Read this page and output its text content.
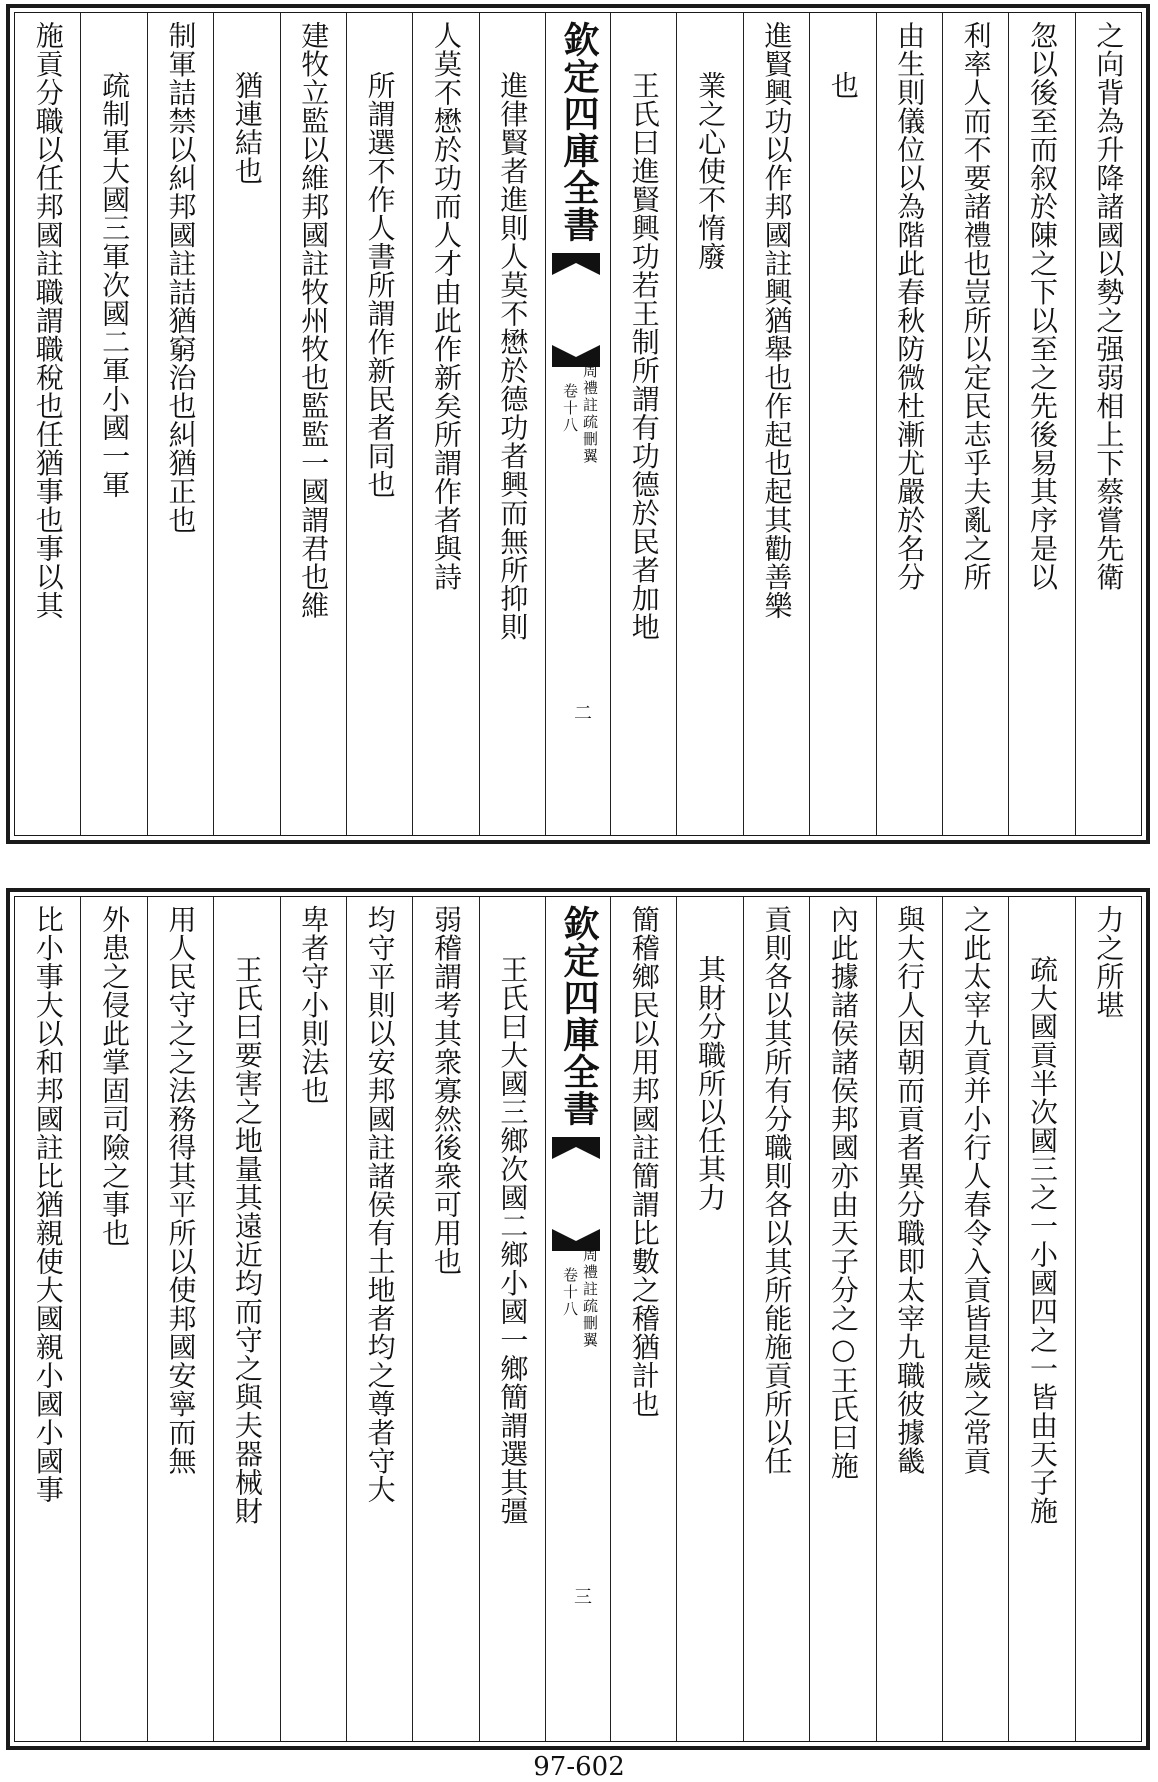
之向背為升降諸國以勢之强弱相上下蔡嘗先衛
忽以後至而叙於陳之下以至之先後易其序是以
利率人而不要諸禮也豈所以定民志乎夫亂之所
由生則儀位以為階此春秋防微杜漸尤嚴於名分
也
進賢興功以作邦國註興猶舉也作起也起其勸善樂
業之心使不惰廢
王氏曰進賢興功若王制所謂有功德於民者加地
欽定四庫全書
周禮註疏刪翼
卷十八
二
進律賢者進則人莫不懋於德功者興而無所抑則
人莫不懋於功而人才由此作新矣所謂作者與詩
所謂選不作人書所謂作新民者同也
建牧立監以維邦國註牧州牧也監監一國謂君也維
猶連結也
制軍詰禁以糾邦國註詰猶窮治也糾猶正也
疏制軍大國三軍次國二軍小國一軍
施貢分職以任邦國註職謂職稅也任猶事也事以其
力之所堪
疏大國貢半次國三之一小國四之一皆由天子施
之此太宰九貢并小行人春令入貢皆是歲之常貢
與大行人因朝而貢者異分職即太宰九職彼據畿
內此據諸侯諸侯邦國亦由天子分之○王氏曰施
貢則各以其所有分職則各以其所能施貢所以任
其財分職所以任其力
簡稽鄉民以用邦國註簡謂比數之稽猶計也
欽定四庫全書
周禮註疏刪翼
卷十八
三
王氏曰大國三鄉次國二鄉小國一鄉簡謂選其彊
弱稽謂考其衆寡然後衆可用也
均守平則以安邦國註諸侯有土地者均之尊者守大
卑者守小則法也
王氏曰要害之地量其遠近均而守之與夫器械財
用人民守之之法務得其平所以使邦國安寧而無
外患之侵此掌固司險之事也
比小事大以和邦國註比猶親使大國親小國小國事
97-602
